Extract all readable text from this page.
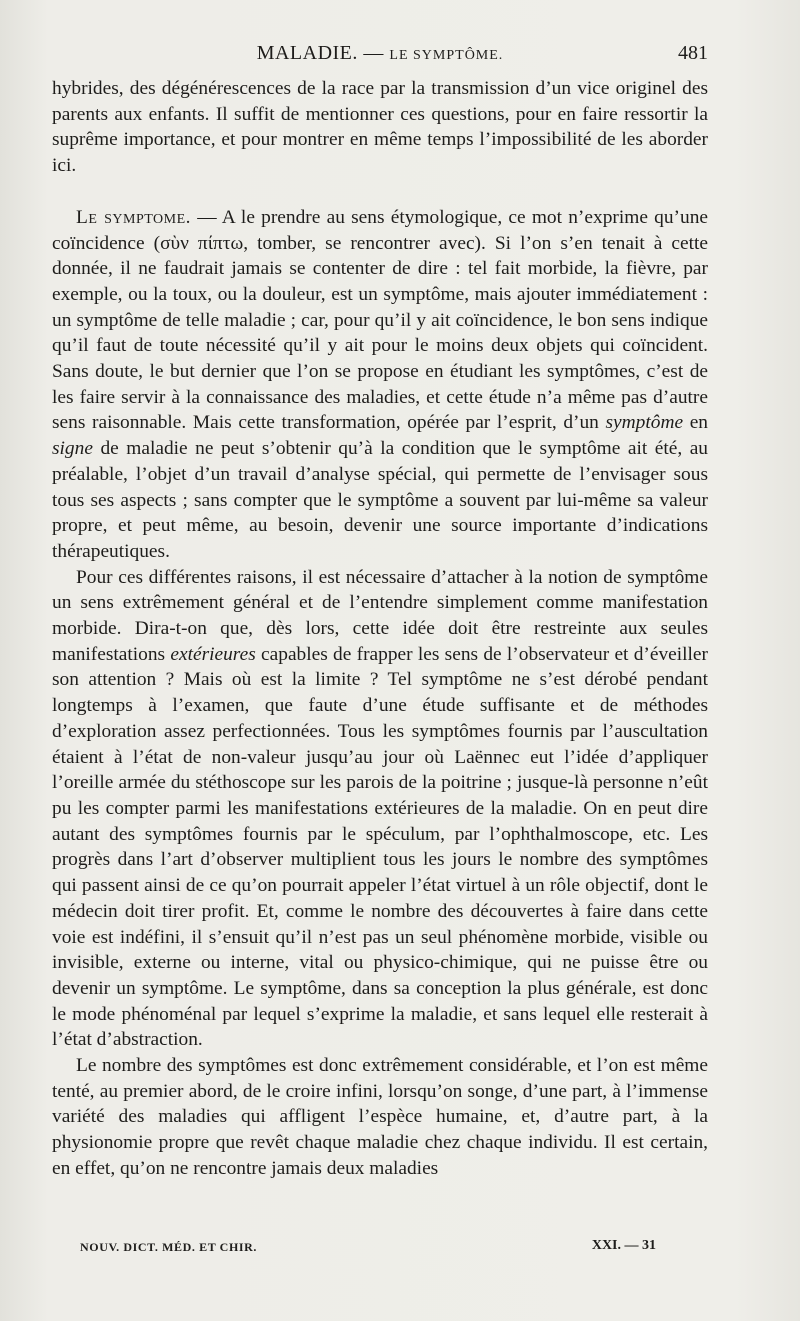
MALADIE. — LE SYMPTÔME.	481

hybrides, des dégénérescences de la race par la transmission d’un vice originel des parents aux enfants. Il suffit de mentionner ces questions, pour en faire ressortir la suprême importance, et pour montrer en même temps l’impossibilité de les aborder ici.

Le symptome. — A le prendre au sens étymologique, ce mot n’exprime qu’une coïncidence (σὺν πίπτω, tomber, se rencontrer avec). Si l’on s’en tenait à cette donnée, il ne faudrait jamais se contenter de dire : tel fait morbide, la fièvre, par exemple, ou la toux, ou la douleur, est un symptôme, mais ajouter immédiatement : un symptôme de telle maladie ; car, pour qu’il y ait coïncidence, le bon sens indique qu’il faut de toute nécessité qu’il y ait pour le moins deux objets qui coïncident. Sans doute, le but dernier que l’on se propose en étudiant les symptômes, c’est de les faire servir à la connaissance des maladies, et cette étude n’a même pas d’autre sens raisonnable. Mais cette transformation, opérée par l’esprit, d’un symptôme en signe de maladie ne peut s’obtenir qu’à la condition que le symptôme ait été, au préalable, l’objet d’un travail d’analyse spécial, qui permette de l’envisager sous tous ses aspects ; sans compter que le symptôme a souvent par lui-même sa valeur propre, et peut même, au besoin, devenir une source importante d’indications thérapeutiques.

Pour ces différentes raisons, il est nécessaire d’attacher à la notion de symptôme un sens extrêmement général et de l’entendre simplement comme manifestation morbide. Dira-t-on que, dès lors, cette idée doit être restreinte aux seules manifestations extérieures capables de frapper les sens de l’observateur et d’éveiller son attention ? Mais où est la limite ? Tel symptôme ne s’est dérobé pendant longtemps à l’examen, que faute d’une étude suffisante et de méthodes d’exploration assez perfectionnées. Tous les symptômes fournis par l’auscultation étaient à l’état de non-valeur jusqu’au jour où Laënnec eut l’idée d’appliquer l’oreille armée du stéthoscope sur les parois de la poitrine ; jusque-là personne n’eût pu les compter parmi les manifestations extérieures de la maladie. On en peut dire autant des symptômes fournis par le spéculum, par l’ophthalmoscope, etc. Les progrès dans l’art d’observer multiplient tous les jours le nombre des symptômes qui passent ainsi de ce qu’on pourrait appeler l’état virtuel à un rôle objectif, dont le médecin doit tirer profit. Et, comme le nombre des découvertes à faire dans cette voie est indéfini, il s’ensuit qu’il n’est pas un seul phénomène morbide, visible ou invisible, externe ou interne, vital ou physico-chimique, qui ne puisse être ou devenir un symptôme. Le symptôme, dans sa conception la plus générale, est donc le mode phénoménal par lequel s’exprime la maladie, et sans lequel elle resterait à l’état d’abstraction.

Le nombre des symptômes est donc extrêmement considérable, et l’on est même tenté, au premier abord, de le croire infini, lorsqu’on songe, d’une part, à l’immense variété des maladies qui affligent l’espèce humaine, et, d’autre part, à la physionomie propre que revêt chaque maladie chez chaque individu. Il est certain, en effet, qu’on ne rencontre jamais deux maladies

NOUV. DICT. MÉD. ET CHIR.	XXI. — 31
